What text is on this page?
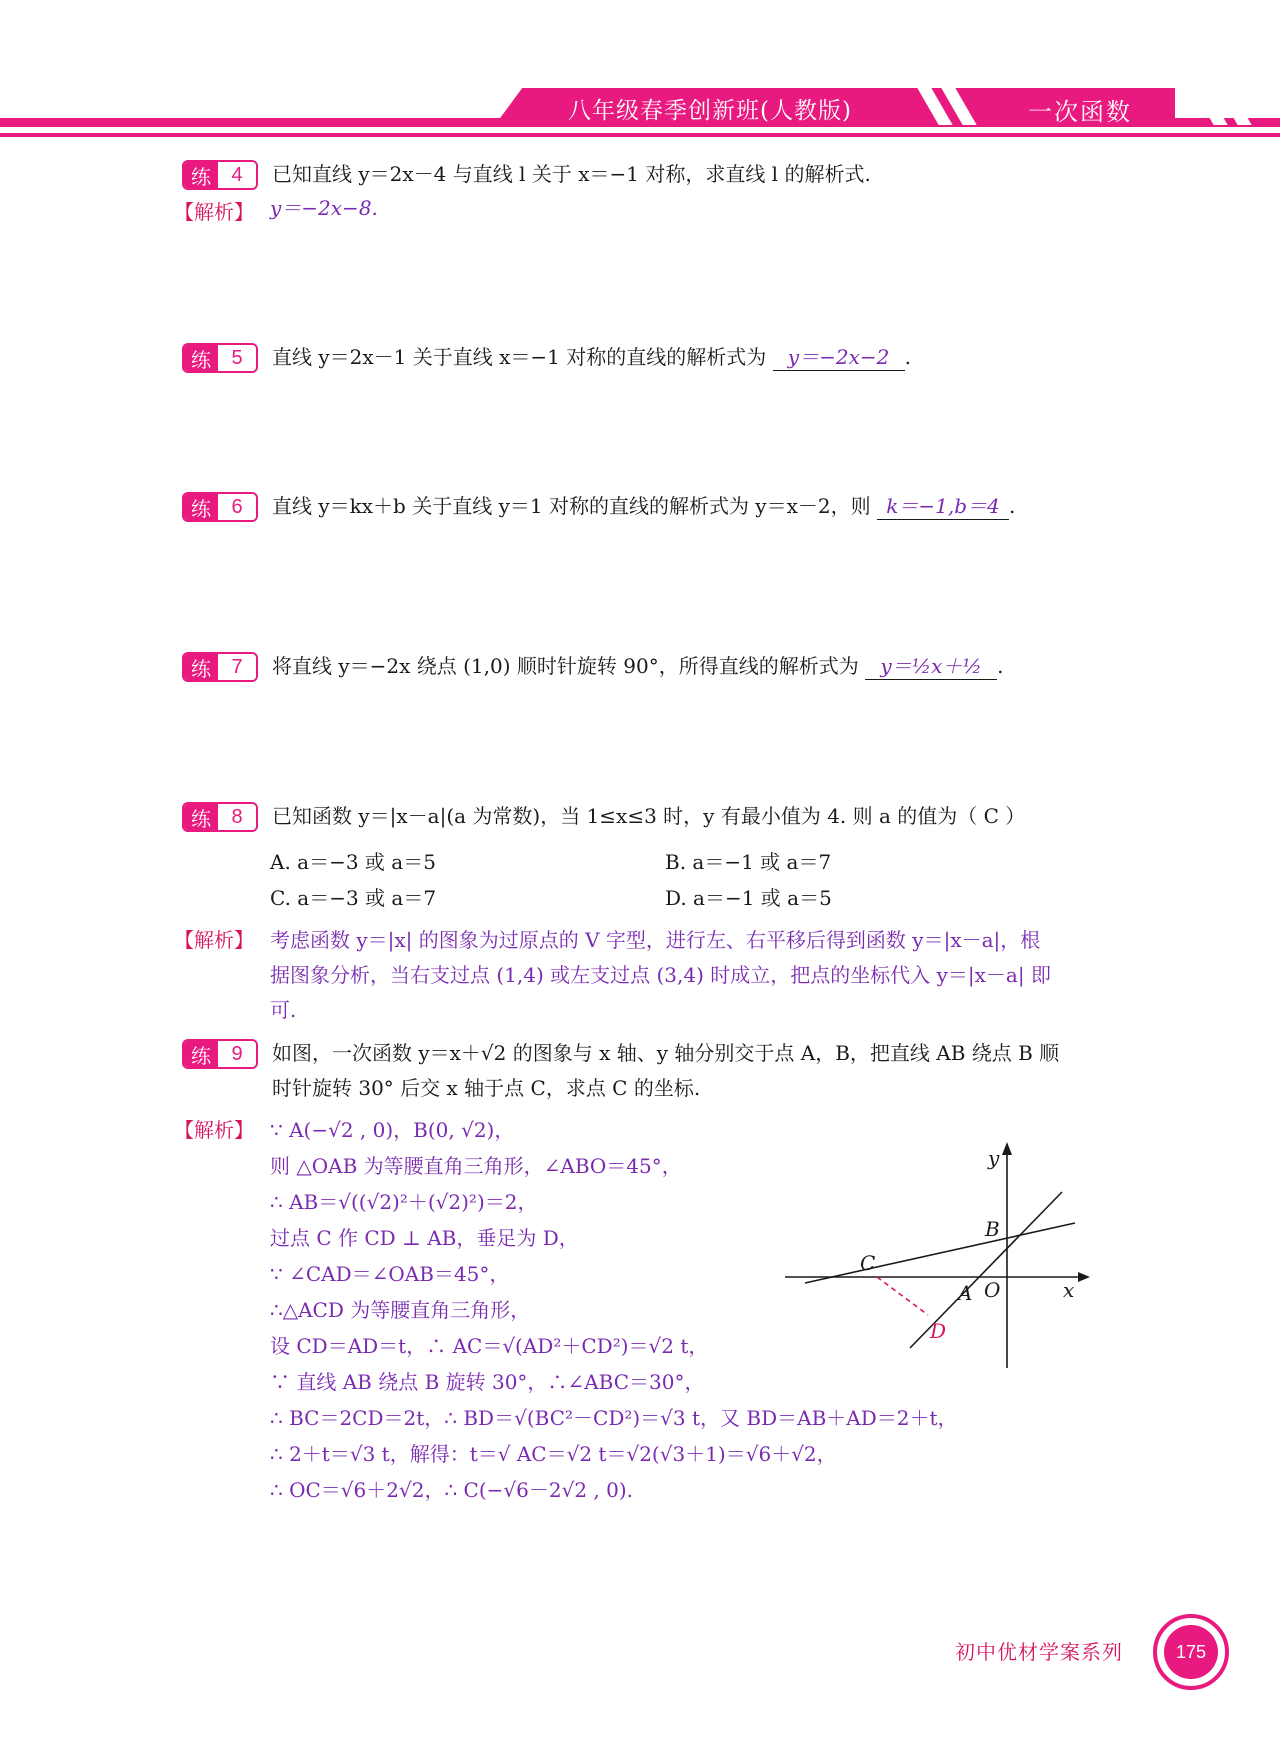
八年级春季创新班(人教版)	一次函数
练	4	已知直线 y＝2x－4 与直线 l 关于 x＝−1 对称，求直线 l 的解析式.
【解析】 y＝−2x−8.
练	5	直线 y＝2x－1 关于直线 x＝−1 对称的直线的解析式为 y＝−2x−2 .
练	6	直线 y＝kx＋b 关于直线 y＝1 对称的直线的解析式为 y＝x－2，则 k＝−1,b＝4 .
练	7	将直线 y＝−2x 绕点 (1,0) 顺时针旋转 90°，所得直线的解析式为 y＝½x＋½ .
练	8	已知函数 y＝|x－a|(a 为常数)，当 1≤x≤3 时，y 有最小值为 4. 则 a 的值为（ C ）
A. a＝−3 或 a＝5	B. a＝−1 或 a＝7
C. a＝−3 或 a＝7	D. a＝−1 或 a＝5
【解析】 考虑函数 y＝|x| 的图象为过原点的 V 字型，进行左、右平移后得到函数 y＝|x－a|，根
据图象分析，当右支过点 (1,4) 或左支过点 (3,4) 时成立，把点的坐标代入 y＝|x－a| 即
可.
练	9	如图，一次函数 y＝x＋√2 的图象与 x 轴、y 轴分别交于点 A，B，把直线 AB 绕点 B 顺
时针旋转 30° 后交 x 轴于点 C，求点 C 的坐标.
【解析】 ∵ A(−√2 , 0)，B(0, √2)，
则 △OAB 为等腰直角三角形，∠ABO＝45°，
∴ AB＝√((√2)²＋(√2)²)＝2，
过点 C 作 CD ⊥ AB，垂足为 D，
∵ ∠CAD＝∠OAB＝45°，
∴△ACD 为等腰直角三角形，
设 CD＝AD＝t，∴ AC＝√(AD²＋CD²)＝√2 t，
∵ 直线 AB 绕点 B 旋转 30°，∴∠ABC＝30°，
∴ BC＝2CD＝2t，∴ BD＝√(BC²－CD²)＝√3 t，又 BD＝AB＋AD＝2＋t，
∴ 2＋t＝√3 t，解得：t＝√ AC＝√2 t＝√2(√3＋1)＝√6＋√2，
∴ OC＝√6＋2√2，∴ C(−√6－2√2 , 0).
y
x
B
C
A O
D
初中优材学案系列	175
